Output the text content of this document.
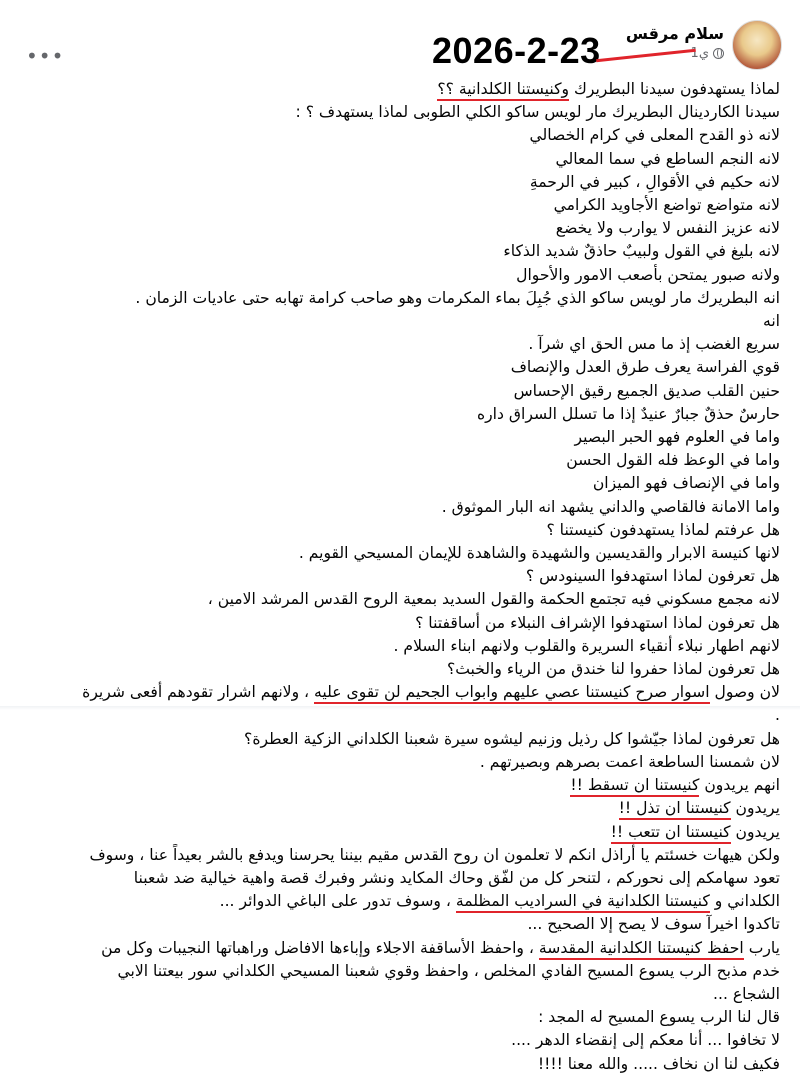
سلام مرقس
1ي
2026-2-23
•••
لماذا يستهدفون سيدنا البطريرك وكنيستنا الكلدانية ؟؟
سيدنا الكاردينال البطريرك مار لويس ساكو الكلي الطوبى لماذا يستهدف ؟ :
لانه ذو القدح المعلى في كرام الخصالي
لانه النجم الساطع في سما المعالي
لانه حكيم في الأقوالِ ، كبير في الرحمةِ
لانه متواضع تواضع الأجاويد الكرامي
لانه عزيز النفس لا يوارب ولا يخضع
لانه بليغ في القول ولبيبٌ حاذقٌ شديد الذكاء
ولانه صبور يمتحن بأصعب الامور والأحوال
انه البطريرك مار لويس ساكو الذي جُبِلَ بماء المكرمات وهو صاحب كرامة تهابه حتى عاديات الزمان .
انه
سريع الغضب إذ ما مس الحق اي شرآ .
قوي الفراسة يعرف طرق العدل والإنصاف
حنين القلب صديق الجميع رقيق الإحساس
حارسٌ حذقٌ جبارٌ عنيدٌ إذا ما تسلل السراق داره
واما في العلوم فهو الحبر البصير
واما في الوعظ فله القول الحسن
واما في الإنصاف فهو الميزان
واما الامانة فالقاصي والداني يشهد انه البار الموثوق .
هل عرفتم لماذا يستهدفون كنيستنا ؟
لانها كنيسة الابرار والقديسين والشهيدة والشاهدة للإيمان المسيحي القويم .
هل تعرفون لماذا استهدفوا السينودس ؟
لانه مجمع مسكوني فيه تجتمع الحكمة والقول السديد بمعية الروح القدس المرشد الامين ،
هل تعرفون لماذا استهدفوا الإشراف النبلاء من أساقفتنا ؟
لانهم اطهار نبلاء أنقياء السريرة والقلوب ولانهم ابناء السلام .
هل تعرفون لماذا حفروا لنا خندق من الرياء والخبث؟
لان وصول اسوار صرح كنيستنا عصي عليهم وابواب الجحيم لن تقوى عليه ، ولانهم اشرار تقودهم أفعى شريرة
.
هل تعرفون لماذا جيّشوا كل رذيل وزنيم ليشوه سيرة شعبنا الكلداني الزكية العطرة؟
لان شمسنا الساطعة اعمت بصرهم وبصيرتهم .
انهم يريدون كنيستنا ان تسقط !!
يريدون كنيستنا ان تذل !!
يريدون كنيستنا ان تتعب !!
ولكن هيهات خسئتم يا أراذل انكم لا تعلمون ان روح القدس مقيم بيننا يحرسنا ويدفع بالشر بعيداً عنا ، وسوف
تعود سهامكم إلى نحوركم ، لتنحر كل من لفّق وحاك المكايد ونشر وفبرك قصة واهية خيالية ضد شعبنا
الكلداني و كنيستنا الكلدانية في السراديب المظلمة ، وسوف تدور على الباغي الدوائر ...
تاكدوا اخيرآ سوف لا يصح إلا الصحيح ...
يارب احفظ كنيستنا الكلدانية المقدسة ، واحفظ الأساقفة الاجلاء وإباءها الافاضل وراهباتها النجيبات وكل من
خدم مذبح الرب يسوع المسيح الفادي المخلص ، واحفظ وقوي شعبنا المسيحي الكلداني سور بيعتنا الابي
الشجاع ...
قال لنا الرب يسوع المسيح له المجد :
لا تخافوا ... أنا معكم إلى إنقضاء الدهر ....
فكيف لنا ان نخاف ..... والله معنا !!!!
